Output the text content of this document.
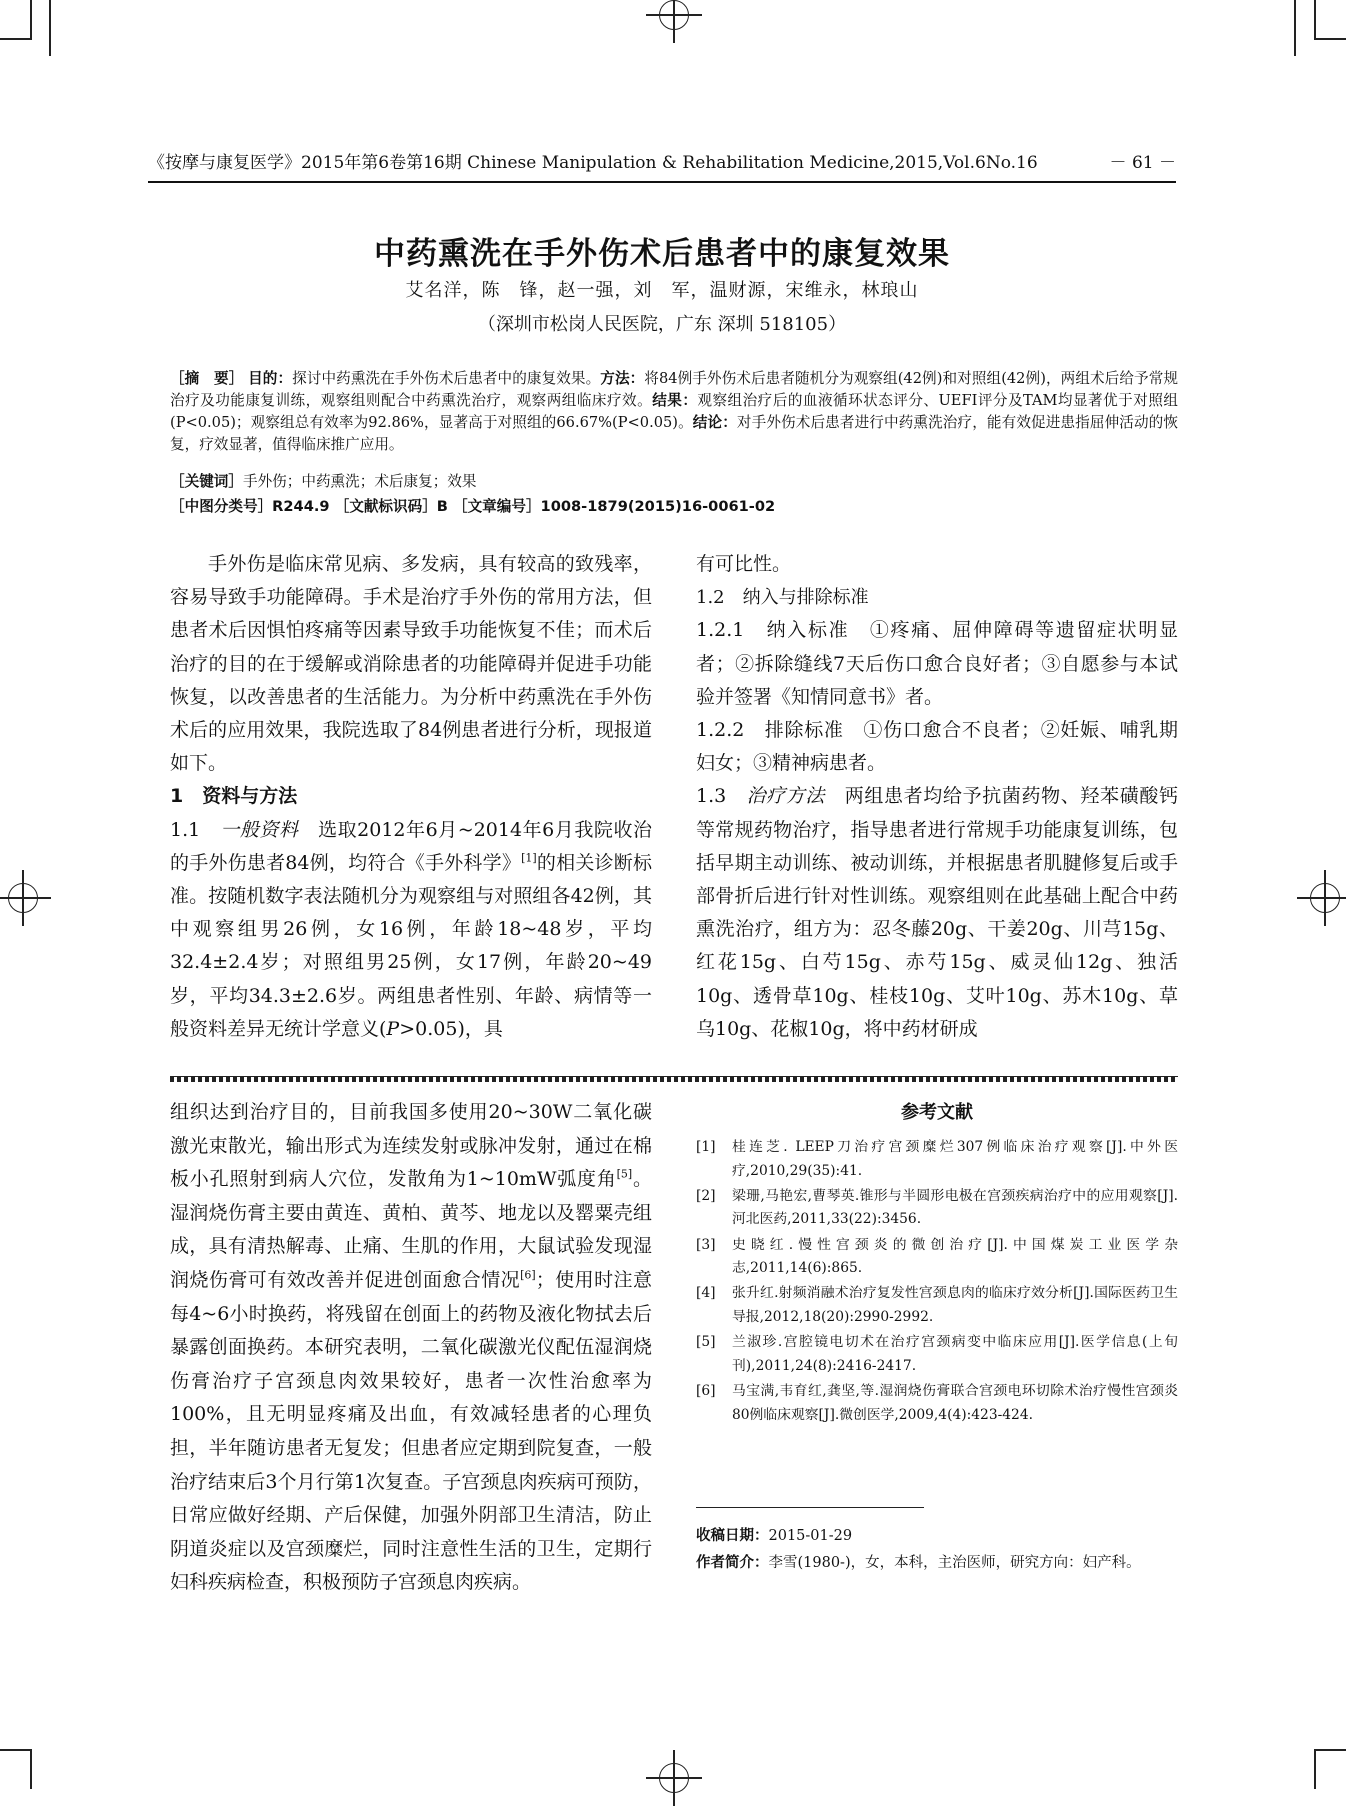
《按摩与康复医学》2015年第6卷第16期 Chinese Manipulation & Rehabilitation Medicine,2015,Vol.6No.16	－ 61 －
中药熏洗在手外伤术后患者中的康复效果
艾名洋，陈　锋，赵一强，刘　军，温财源，宋维永，林琅山
（深圳市松岗人民医院，广东 深圳 518105）
［摘　要］ 目的：探讨中药熏洗在手外伤术后患者中的康复效果。方法：将84例手外伤术后患者随机分为观察组(42例)和对照组(42例)，两组术后给予常规治疗及功能康复训练，观察组则配合中药熏洗治疗，观察两组临床疗效。结果：观察组治疗后的血液循环状态评分、UEFI评分及TAM均显著优于对照组(P<0.05)；观察组总有效率为92.86%，显著高于对照组的66.67%(P<0.05)。结论：对手外伤术后患者进行中药熏洗治疗，能有效促进患指屈伸活动的恢复，疗效显著，值得临床推广应用。
［关键词］手外伤；中药熏洗；术后康复；效果
［中图分类号］R244.9 ［文献标识码］B ［文章编号］1008-1879(2015)16-0061-02

手外伤是临床常见病、多发病，具有较高的致残率，容易导致手功能障碍。手术是治疗手外伤的常用方法，但患者术后因惧怕疼痛等因素导致手功能恢复不佳；而术后治疗的目的在于缓解或消除患者的功能障碍并促进手功能恢复，以改善患者的生活能力。为分析中药熏洗在手外伤术后的应用效果，我院选取了84例患者进行分析，现报道如下。

1　资料与方法

1.1　一般资料　选取2012年6月~2014年6月我院收治的手外伤患者84例，均符合《手外科学》[1]的相关诊断标准。按随机数字表法随机分为观察组与对照组各42例，其中观察组男26例，女16例，年龄18~48岁，平均32.4±2.4岁；对照组男25例，女17例，年龄20~49岁，平均34.3±2.6岁。两组患者性别、年龄、病情等一般资料差异无统计学意义(P>0.05)，具

有可比性。

1.2　纳入与排除标准

1.2.1　纳入标准　①疼痛、屈伸障碍等遗留症状明显者；②拆除缝线7天后伤口愈合良好者；③自愿参与本试验并签署《知情同意书》者。

1.2.2　排除标准　①伤口愈合不良者；②妊娠、哺乳期妇女；③精神病患者。

1.3　治疗方法　两组患者均给予抗菌药物、羟苯磺酸钙等常规药物治疗，指导患者进行常规手功能康复训练，包括早期主动训练、被动训练，并根据患者肌腱修复后或手部骨折后进行针对性训练。观察组则在此基础上配合中药熏洗治疗，组方为：忍冬藤20g、干姜20g、川芎15g、红花15g、白芍15g、赤芍15g、威灵仙12g、独活10g、透骨草10g、桂枝10g、艾叶10g、苏木10g、草乌10g、花椒10g，将中药材研成

组织达到治疗目的，目前我国多使用20~30W二氧化碳激光束散光，输出形式为连续发射或脉冲发射，通过在棉板小孔照射到病人穴位，发散角为1~10mW弧度角[5]。湿润烧伤膏主要由黄连、黄柏、黄芩、地龙以及罂粟壳组成，具有清热解毒、止痛、生肌的作用，大鼠试验发现湿润烧伤膏可有效改善并促进创面愈合情况[6]；使用时注意每4~6小时换药，将残留在创面上的药物及液化物拭去后暴露创面换药。本研究表明，二氧化碳激光仪配伍湿润烧伤膏治疗子宫颈息肉效果较好，患者一次性治愈率为100%，且无明显疼痛及出血，有效减轻患者的心理负担，半年随访患者无复发；但患者应定期到院复查，一般治疗结束后3个月行第1次复查。子宫颈息肉疾病可预防，日常应做好经期、产后保健，加强外阴部卫生清洁，防止阴道炎症以及宫颈糜烂，同时注意性生活的卫生，定期行妇科疾病检查，积极预防子宫颈息肉疾病。

参考文献
[1]	桂连芝. LEEP刀治疗宫颈糜烂307例临床治疗观察[J].中外医疗,2010,29(35):41.
[2]	梁珊,马艳宏,曹琴英.锥形与半圆形电极在宫颈疾病治疗中的应用观察[J].河北医药,2011,33(22):3456.
[3]	史晓红.慢性宫颈炎的微创治疗[J].中国煤炭工业医学杂志,2011,14(6):865.
[4]	张升红.射频消融术治疗复发性宫颈息肉的临床疗效分析[J].国际医药卫生导报,2012,18(20):2990-2992.
[5]	兰淑珍.宫腔镜电切术在治疗宫颈病变中临床应用[J].医学信息(上旬刊),2011,24(8):2416-2417.
[6]	马宝满,韦育红,龚坚,等.湿润烧伤膏联合宫颈电环切除术治疗慢性宫颈炎80例临床观察[J].微创医学,2009,4(4):423-424.
收稿日期：2015-01-29
作者简介：李雪(1980-)，女，本科，主治医师，研究方向：妇产科。
